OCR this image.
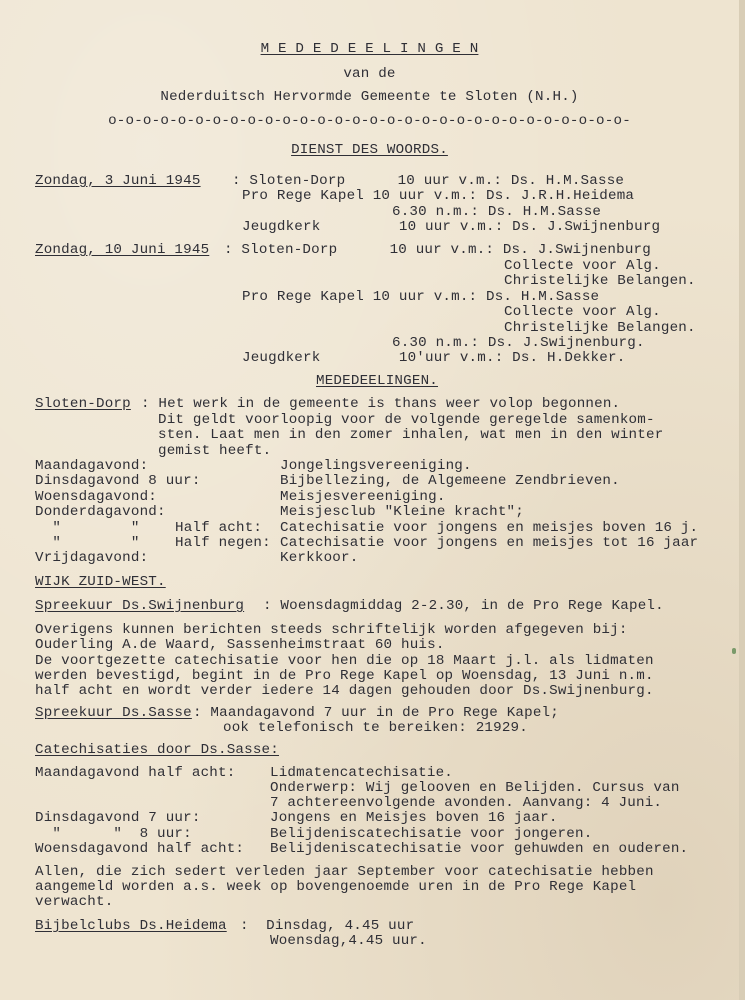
M E D E D E E L I N G E N
van de
Nederduitsch Hervormde Gemeente te Sloten (N.H.)
o-o-o-o-o-o-o-o-o-o-o-o-o-o-o-o-o-o-o-o-o-o-o-o-o-o-o-o-o-o-
DIENST DES WOORDS.
Zondag, 3 Juni 1945 : Sloten-Dorp      10 uur v.m.: Ds. H.M.Sasse
Pro Rege Kapel 10 uur v.m.: Ds. J.R.H.Heidema
6.30 n.m.: Ds. H.M.Sasse
Jeugdkerk         10 uur v.m.: Ds. J.Swijnenburg
Zondag, 10 Juni 1945 : Sloten-Dorp      10 uur v.m.: Ds. J.Swijnenburg
Collecte voor Alg.
Christelijke Belangen.
Pro Rege Kapel 10 uur v.m.: Ds. H.M.Sasse
Collecte voor Alg.
Christelijke Belangen.
6.30 n.m.: Ds. J.Swijnenburg.
Jeugdkerk         10'uur v.m.: Ds. H.Dekker.
MEDEDEELINGEN.
Sloten-Dorp : Het werk in de gemeente is thans weer volop begonnen.
Dit geldt voorloopig voor de volgende geregelde samenkom-
sten. Laat men in den zomer inhalen, wat men in den winter
gemist heeft.
Maandagavond:	Jongelingsvereeniging.
Dinsdagavond 8 uur:	Bijbellezing, de Algemeene Zendbrieven.
Woensdagavond:	Meisjesvereeniging.
Donderdagavond:	Meisjesclub "Kleine kracht";
"        " Half acht: Catechisatie voor jongens en meisjes boven 16 j.
"        " Half negen: Catechisatie voor jongens en meisjes tot 16 jaar
Vrijdagavond:	Kerkkoor.
WIJK ZUID-WEST.
Spreekuur Ds.Swijnenburg : Woensdagmiddag 2-2.30, in de Pro Rege Kapel.
Overigens kunnen berichten steeds schriftelijk worden afgegeven bij:
Ouderling A.de Waard, Sassenheimstraat 60 huis.
De voortgezette catechisatie voor hen die op 18 Maart j.l. als lidmaten
werden bevestigd, begint in de Pro Rege Kapel op Woensdag, 13 Juni n.m.
half acht en wordt verder iedere 14 dagen gehouden door Ds.Swijnenburg.
Spreekuur Ds.Sasse : Maandagavond 7 uur in de Pro Rege Kapel;
ook telefonisch te bereiken: 21929.
Catechisaties door Ds.Sasse:
Maandagavond half acht: Lidmatencatechisatie.
Onderwerp: Wij gelooven en Belijden. Cursus van
7 achtereenvolgende avonden. Aanvang: 4 Juni.
Dinsdagavond 7 uur:	Jongens en Meisjes boven 16 jaar.
"      "  8 uur:	Belijdeniscatechisatie voor jongeren.
Woensdagavond half acht: Belijdeniscatechisatie voor gehuwden en ouderen.
Allen, die zich sedert verleden jaar September voor catechisatie hebben
aangemeld worden a.s. week op bovengenoemde uren in de Pro Rege Kapel
verwacht.
Bijbelclubs Ds.Heidema :  Dinsdag, 4.45 uur
Woensdag,4.45 uur.
